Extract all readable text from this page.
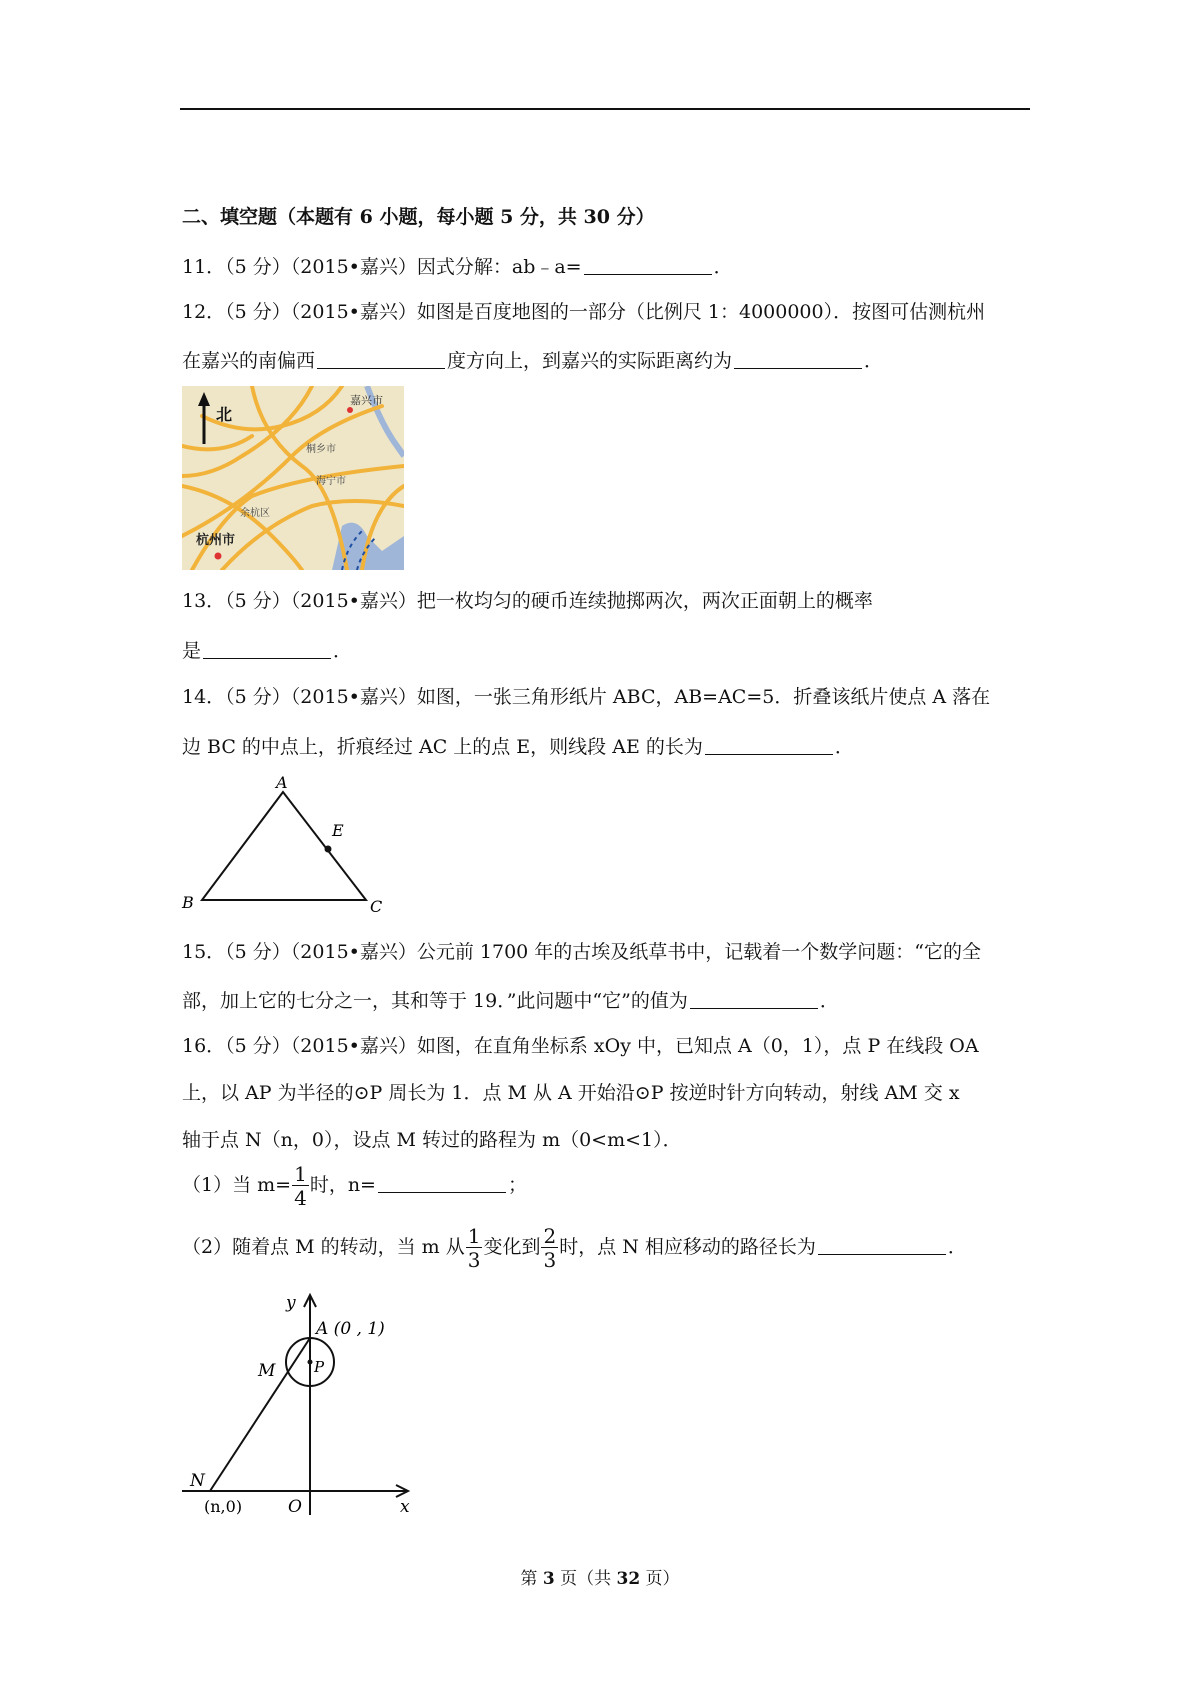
二、填空题（本题有 6 小题，每小题 5 分，共 30 分）
11．（5 分）（2015•嘉兴）因式分解：ab﹣a=	．
12．（5 分）（2015•嘉兴）如图是百度地图的一部分（比例尺 1：4000000）．按图可估测杭州
在嘉兴的南偏西	度方向上，到嘉兴的实际距离约为	．
北
嘉兴市
桐乡市
海宁市
余杭区
杭州市
13．（5 分）（2015•嘉兴）把一枚均匀的硬币连续抛掷两次，两次正面朝上的概率
是	．
14．（5 分）（2015•嘉兴）如图，一张三角形纸片 ABC，AB=AC=5．折叠该纸片使点 A 落在
边 BC 的中点上，折痕经过 AC 上的点 E，则线段 AE 的长为	．
A
B	C
E
15．（5 分）（2015•嘉兴）公元前 1700 年的古埃及纸草书中，记载着一个数学问题：“它的全
部，加上它的七分之一，其和等于 19．”此问题中“它”的值为	．
16．（5 分）（2015•嘉兴）如图，在直角坐标系 xOy 中，已知点 A（0，1），点 P 在线段 OA
上，以 AP 为半径的⊙P 周长为 1．点 M 从 A 开始沿⊙P 按逆时针方向转动，射线 AM 交 x
轴于点 N（n，0），设点 M 转过的路程为 m（0<m<1）．
（1）当 $m= \frac{1}{4}$ 时，n=	；
（2）随着点 M 的转动，当 m 从 $\frac{1}{3}$ 变化到 $\frac{2}{3}$ 时，点 N 相应移动的路径长为	．
y
x
A (0 , 1)
P
M
N
(n,0)	O
第 3 页（共 32 页）
